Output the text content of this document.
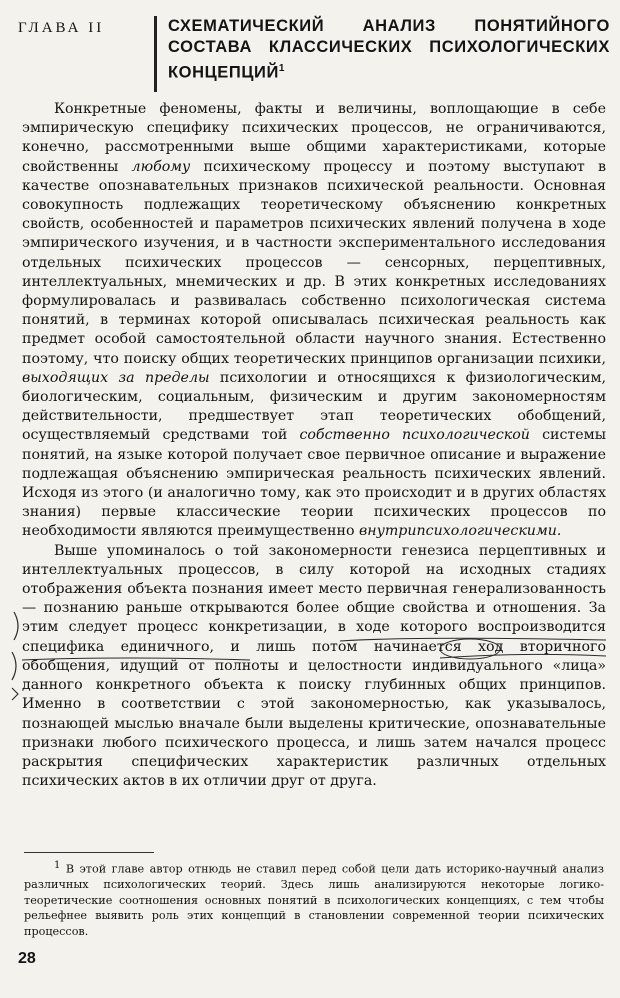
ГЛАВА II	СХЕМАТИЧЕСКИЙ АНАЛИЗ ПОНЯТИЙНОГО СОСТАВА КЛАССИЧЕСКИХ ПСИХОЛОГИЧЕСКИХ КОНЦЕПЦИЙ$^1$

Конкретные феномены, факты и величины, воплощающие в себе эмпирическую специфику психических процессов, не ограничиваются, конечно, рассмотренными выше общими характеристиками, которые свойственны любому психическому процессу и поэтому выступают в качестве опознавательных признаков психической реальности. Основная совокупность подлежащих теоретическому объяснению конкретных свойств, особенностей и параметров психических явлений получена в ходе эмпирического изучения, и в частности экспериментального исследования отдельных психических процессов — сенсорных, перцептивных, интеллектуальных, мнемических и др. В этих конкретных исследованиях формулировалась и развивалась собственно психологическая система понятий, в терминах которой описывалась психическая реальность как предмет особой самостоятельной области научного знания. Естественно поэтому, что поиску общих теоретических принципов организации психики, выходящих за пределы психологии и относящихся к физиологическим, биологическим, социальным, физическим и другим закономерностям действительности, предшествует этап теоретических обобщений, осуществляемый средствами той собственно психологической системы понятий, на языке которой получает свое первичное описание и выражение подлежащая объяснению эмпирическая реальность психических явлений. Исходя из этого (и аналогично тому, как это происходит и в других областях знания) первые классические теории психических процессов по необходимости являются преимущественно внутрипсихологическими.

Выше упоминалось о той закономерности генезиса перцептивных и интеллектуальных процессов, в силу которой на исходных стадиях отображения объекта познания имеет место первичная генерализованность — познанию раньше открываются более общие свойства и отношения. За этим следует процесс конкретизации, в ходе которого воспроизводится специфика единичного, и лишь потом начинается ход вторичного обобщения, идущий от полноты и целостности индивидуального «лица» данного конкретного объекта к поиску глубинных общих принципов. Именно в соответствии с этой закономерностью, как указывалось, познающей мыслью вначале были выделены критические, опознавательные признаки любого психического процесса, и лишь затем начался процесс раскрытия специфических характеристик различных отдельных психических актов в их отличии друг от друга.

1 В этой главе автор отнюдь не ставил перед собой цели дать историко-научный анализ различных психологических теорий. Здесь лишь анализируются некоторые логико-теоретические соотношения основных понятий в психологических концепциях, с тем чтобы рельефнее выявить роль этих концепций в становлении современной теории психических процессов.
28
